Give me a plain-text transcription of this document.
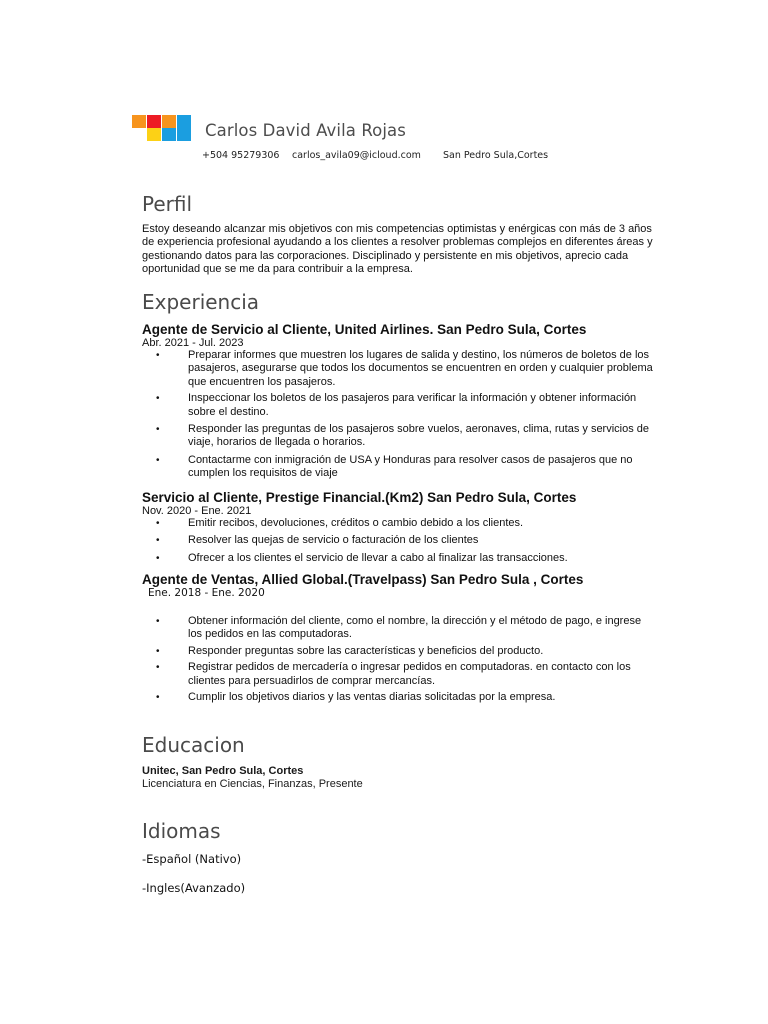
Carlos David Avila Rojas
+504 95279306 carlos_avila09@icloud.com San Pedro Sula,Cortes
Perfil
Estoy deseando alcanzar mis objetivos con mis competencias optimistas y enérgicas con más de 3 años de experiencia profesional ayudando a los clientes a resolver problemas complejos en diferentes áreas y gestionando datos para las corporaciones. Disciplinado y persistente en mis objetivos, aprecio cada oportunidad que se me da para contribuir a la empresa.
Experiencia
Agente de Servicio al Cliente, United Airlines. San Pedro Sula, Cortes
Abr. 2021 - Jul. 2023
• Preparar informes que muestren los lugares de salida y destino, los números de boletos de los pasajeros, asegurarse que todos los documentos se encuentren en orden y cualquier problema que encuentren los pasajeros.
• Inspeccionar los boletos de los pasajeros para verificar la información y obtener información sobre el destino.
• Responder las preguntas de los pasajeros sobre vuelos, aeronaves, clima, rutas y servicios de viaje, horarios de llegada o horarios.
• Contactarme con inmigración de USA y Honduras para resolver casos de pasajeros que no cumplen los requisitos de viaje
Servicio al Cliente, Prestige Financial.(Km2) San Pedro Sula, Cortes
Nov. 2020 - Ene. 2021
• Emitir recibos, devoluciones, créditos o cambio debido a los clientes.
• Resolver las quejas de servicio o facturación de los clientes
• Ofrecer a los clientes el servicio de llevar a cabo al finalizar las transacciones.
Agente de Ventas, Allied Global.(Travelpass) San Pedro Sula , Cortes
Ene. 2018 - Ene. 2020
• Obtener información del cliente, como el nombre, la dirección y el método de pago, e ingrese los pedidos en las computadoras.
• Responder preguntas sobre las características y beneficios del producto.
• Registrar pedidos de mercadería o ingresar pedidos en computadoras. en contacto con los clientes para persuadirlos de comprar mercancías.
• Cumplir los objetivos diarios y las ventas diarias solicitadas por la empresa.
Educacion
Unitec, San Pedro Sula, Cortes
Licenciatura en Ciencias, Finanzas, Presente
Idiomas
-Español (Nativo)
-Ingles(Avanzado)
